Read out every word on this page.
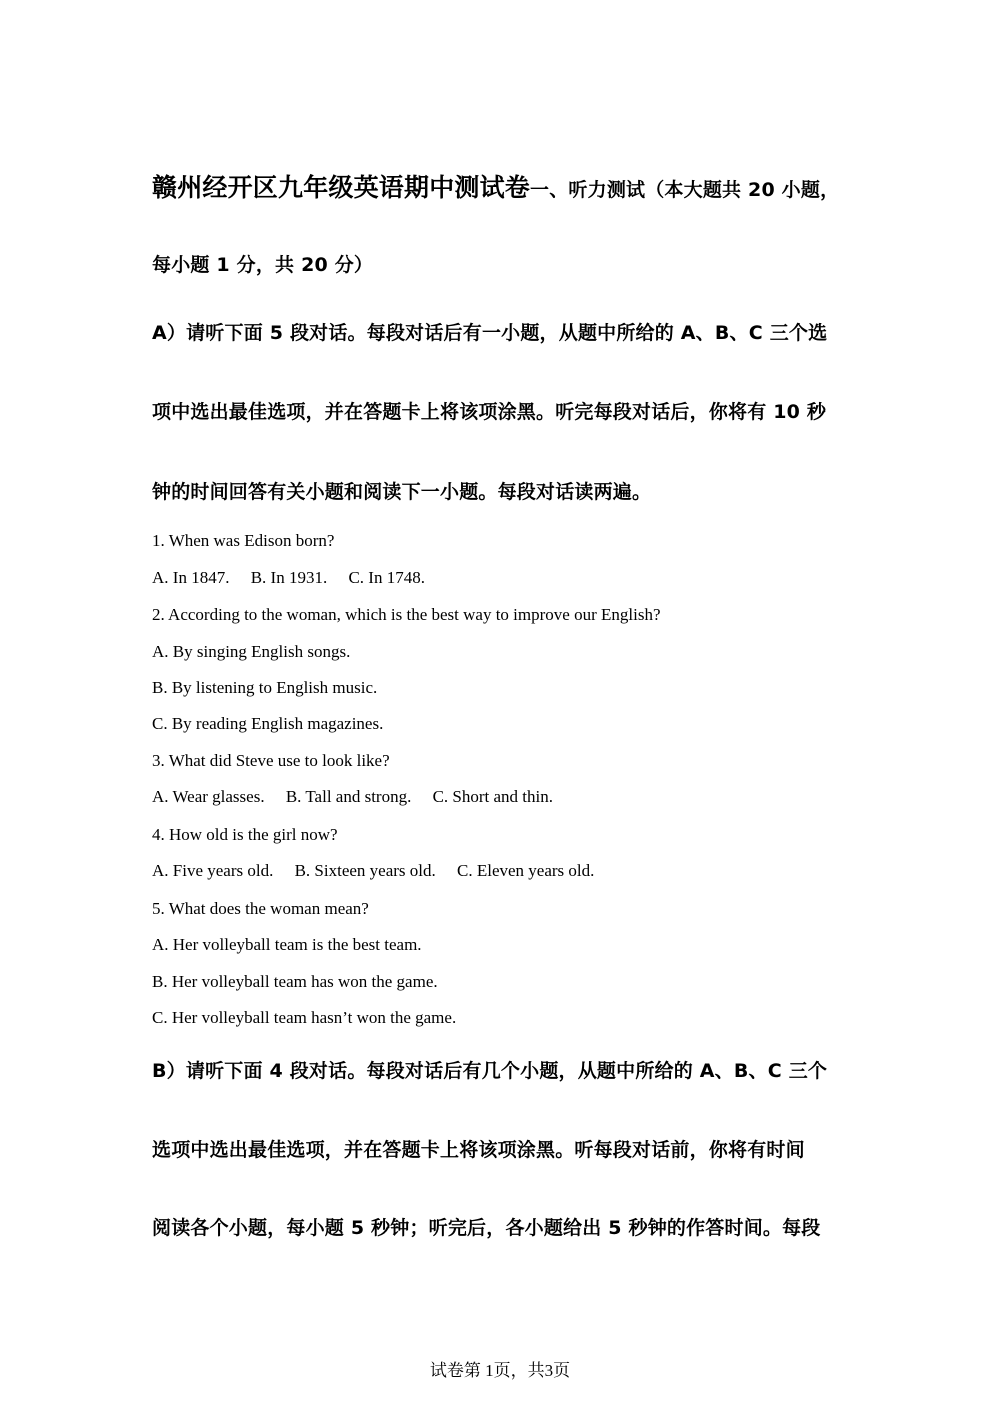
赣州经开区九年级英语期中测试卷一、听力测试（本大题共 20 小题，
每小题 1 分，共 20 分）
A）请听下面 5 段对话。每段对话后有一小题，从题中所给的 A、B、C 三个选
项中选出最佳选项，并在答题卡上将该项涂黑。听完每段对话后，你将有 10 秒
钟的时间回答有关小题和阅读下一小题。每段对话读两遍。
1. When was Edison born?
A. In 1847.     B. In 1931.     C. In 1748.
2. According to the woman, which is the best way to improve our English?
A. By singing English songs.
B. By listening to English music.
C. By reading English magazines.
3. What did Steve use to look like?
A. Wear glasses.     B. Tall and strong.     C. Short and thin.
4. How old is the girl now?
A. Five years old.     B. Sixteen years old.     C. Eleven years old.
5. What does the woman mean?
A. Her volleyball team is the best team.
B. Her volleyball team has won the game.
C. Her volleyball team hasn’t won the game.
B）请听下面 4 段对话。每段对话后有几个小题，从题中所给的 A、B、C 三个
选项中选出最佳选项，并在答题卡上将该项涂黑。听每段对话前，你将有时间
阅读各个小题，每小题 5 秒钟；听完后，各小题给出 5 秒钟的作答时间。每段
试卷第 1页，共3页
